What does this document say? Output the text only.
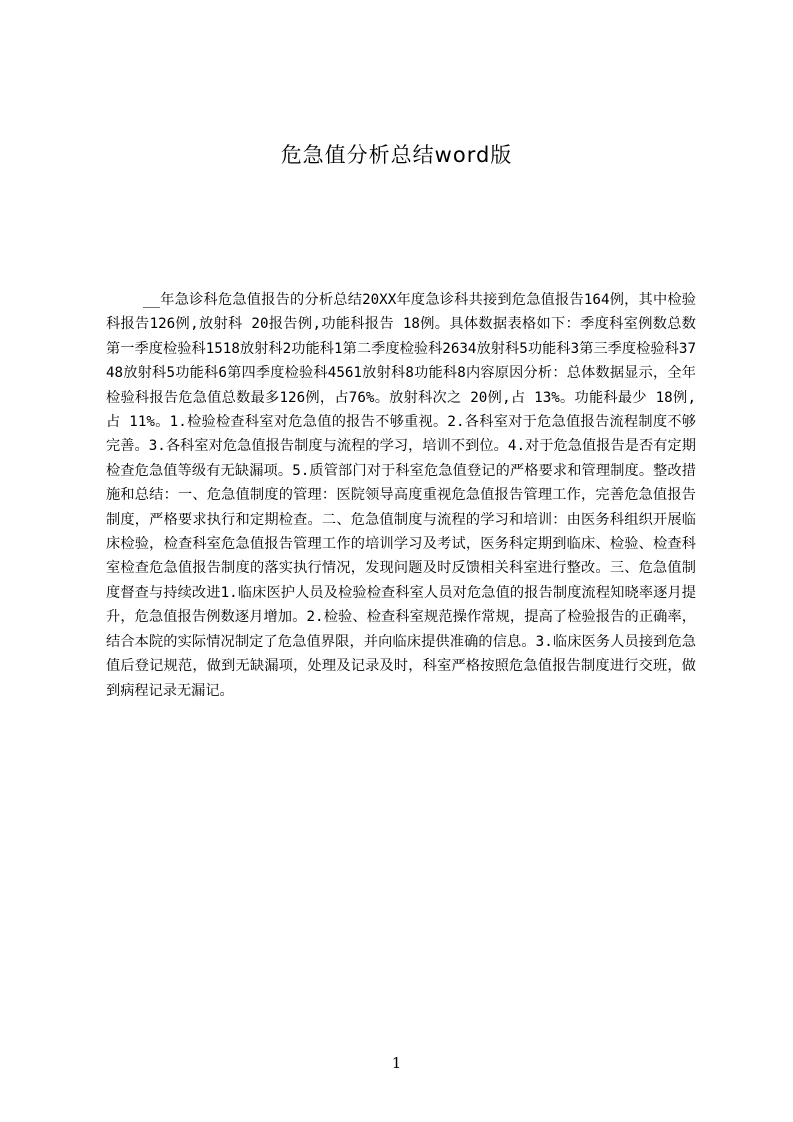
危急值分析总结word版

__年急诊科危急值报告的分析总结20XX年度急诊科共接到危急值报告164例，其中检验科报告126例,放射科 20报告例,功能科报告 18例。具体数据表格如下：季度科室例数总数第一季度检验科1518放射科2功能科1第二季度检验科2634放射科5功能科3第三季度检验科3748放射科5功能科6第四季度检验科4561放射科8功能科8内容原因分析：总体数据显示，全年检验科报告危急值总数最多126例，占76%。放射科次之 20例,占 13%。功能科最少 18例,占 11%。1.检验检查科室对危急值的报告不够重视。2.各科室对于危急值报告流程制度不够完善。3.各科室对危急值报告制度与流程的学习，培训不到位。4.对于危急值报告是否有定期检查危急值等级有无缺漏项。5.质管部门对于科室危急值登记的严格要求和管理制度。整改措施和总结：一、危急值制度的管理：医院领导高度重视危急值报告管理工作，完善危急值报告制度，严格要求执行和定期检查。二、危急值制度与流程的学习和培训：由医务科组织开展临床检验，检查科室危急值报告管理工作的培训学习及考试，医务科定期到临床、检验、检查科室检查危急值报告制度的落实执行情况，发现问题及时反馈相关科室进行整改。三、危急值制度督查与持续改进1.临床医护人员及检验检查科室人员对危急值的报告制度流程知晓率逐月提升，危急值报告例数逐月增加。2.检验、检查科室规范操作常规，提高了检验报告的正确率，结合本院的实际情况制定了危急值界限，并向临床提供准确的信息。3.临床医务人员接到危急值后登记规范，做到无缺漏项，处理及记录及时，科室严格按照危急值报告制度进行交班，做到病程记录无漏记。

1
